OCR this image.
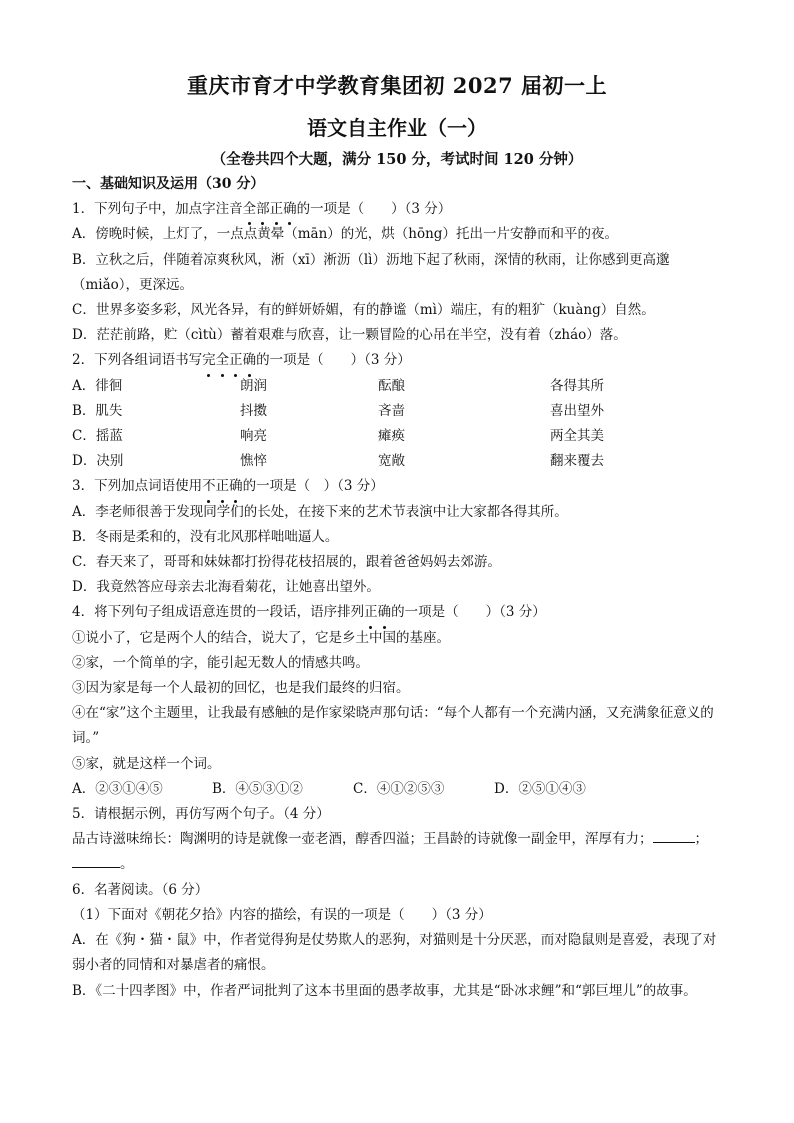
重庆市育才中学教育集团初 2027 届初一上
语文自主作业（一）
（全卷共四个大题，满分 150 分，考试时间 120 分钟）
一、基础知识及运用（30 分）
1．下列句子中，加点字注音全部正确的一项是（　　）（3 分）
A．傍晚时候，上灯了，一点点黄晕（mān）的光，烘（hōng）托出一片安静而和平的夜。
B．立秋之后，伴随着凉爽秋风，淅（xī）淅沥（lì）沥地下起了秋雨，深情的秋雨，让你感到更高邈（miǎo），更深远。
C．世界多姿多彩，风光各异，有的鲜妍娇媚，有的静谧（mì）端庄，有的粗犷（kuàng）自然。
D．茫茫前路，贮（cìtù）蓄着艰难与欣喜，让一颗冒险的心吊在半空，没有着（zháo）落。
2．下列各组词语书写完全正确的一项是（　　）（3 分）
A．徘徊	朗润	酝酿	各得其所
B．肌失	抖擞	吝啬	喜出望外
C．摇蓝	响亮	瘫痪	两全其美
D．决别	憔悴	宽敞	翻来覆去
3．下列加点词语使用不正确的一项是（　）（3 分）
A．李老师很善于发现同学们的长处，在接下来的艺术节表演中让大家都各得其所。
B．冬雨是柔和的，没有北风那样咄咄逼人。
C．春天来了，哥哥和妹妹都打扮得花枝招展的，跟着爸爸妈妈去郊游。
D．我竟然答应母亲去北海看菊花，让她喜出望外。
4．将下列句子组成语意连贯的一段话，语序排列正确的一项是（　　）（3 分）
①说小了，它是两个人的结合，说大了，它是乡土中国的基座。
②家，一个简单的字，能引起无数人的情感共鸣。
③因为家是每一个人最初的回忆，也是我们最终的归宿。
④在“家”这个主题里，让我最有感触的是作家梁晓声那句话：“每个人都有一个充满内涵，又充满象征意义的词。”
⑤家，就是这样一个词。
A．②③①④⑤	B．④⑤③①②	C．④①②⑤③	D．②⑤①④③
5．请根据示例，再仿写两个句子。（4 分）
品古诗滋味绵长：陶渊明的诗是就像一壶老酒，醇香四溢；王昌龄的诗就像一副金甲，浑厚有力；	；
。
6．名著阅读。（6 分）
（1）下面对《朝花夕拾》内容的描绘，有误的一项是（　　）（3 分）
A．在《狗・猫・鼠》中，作者觉得狗是仗势欺人的恶狗，对猫则是十分厌恶，而对隐鼠则是喜爱，表现了对弱小者的同情和对暴虐者的痛恨。
B．《二十四孝图》中，作者严词批判了这本书里面的愚孝故事，尤其是“卧冰求鲤”和“郭巨埋儿”的故事。
